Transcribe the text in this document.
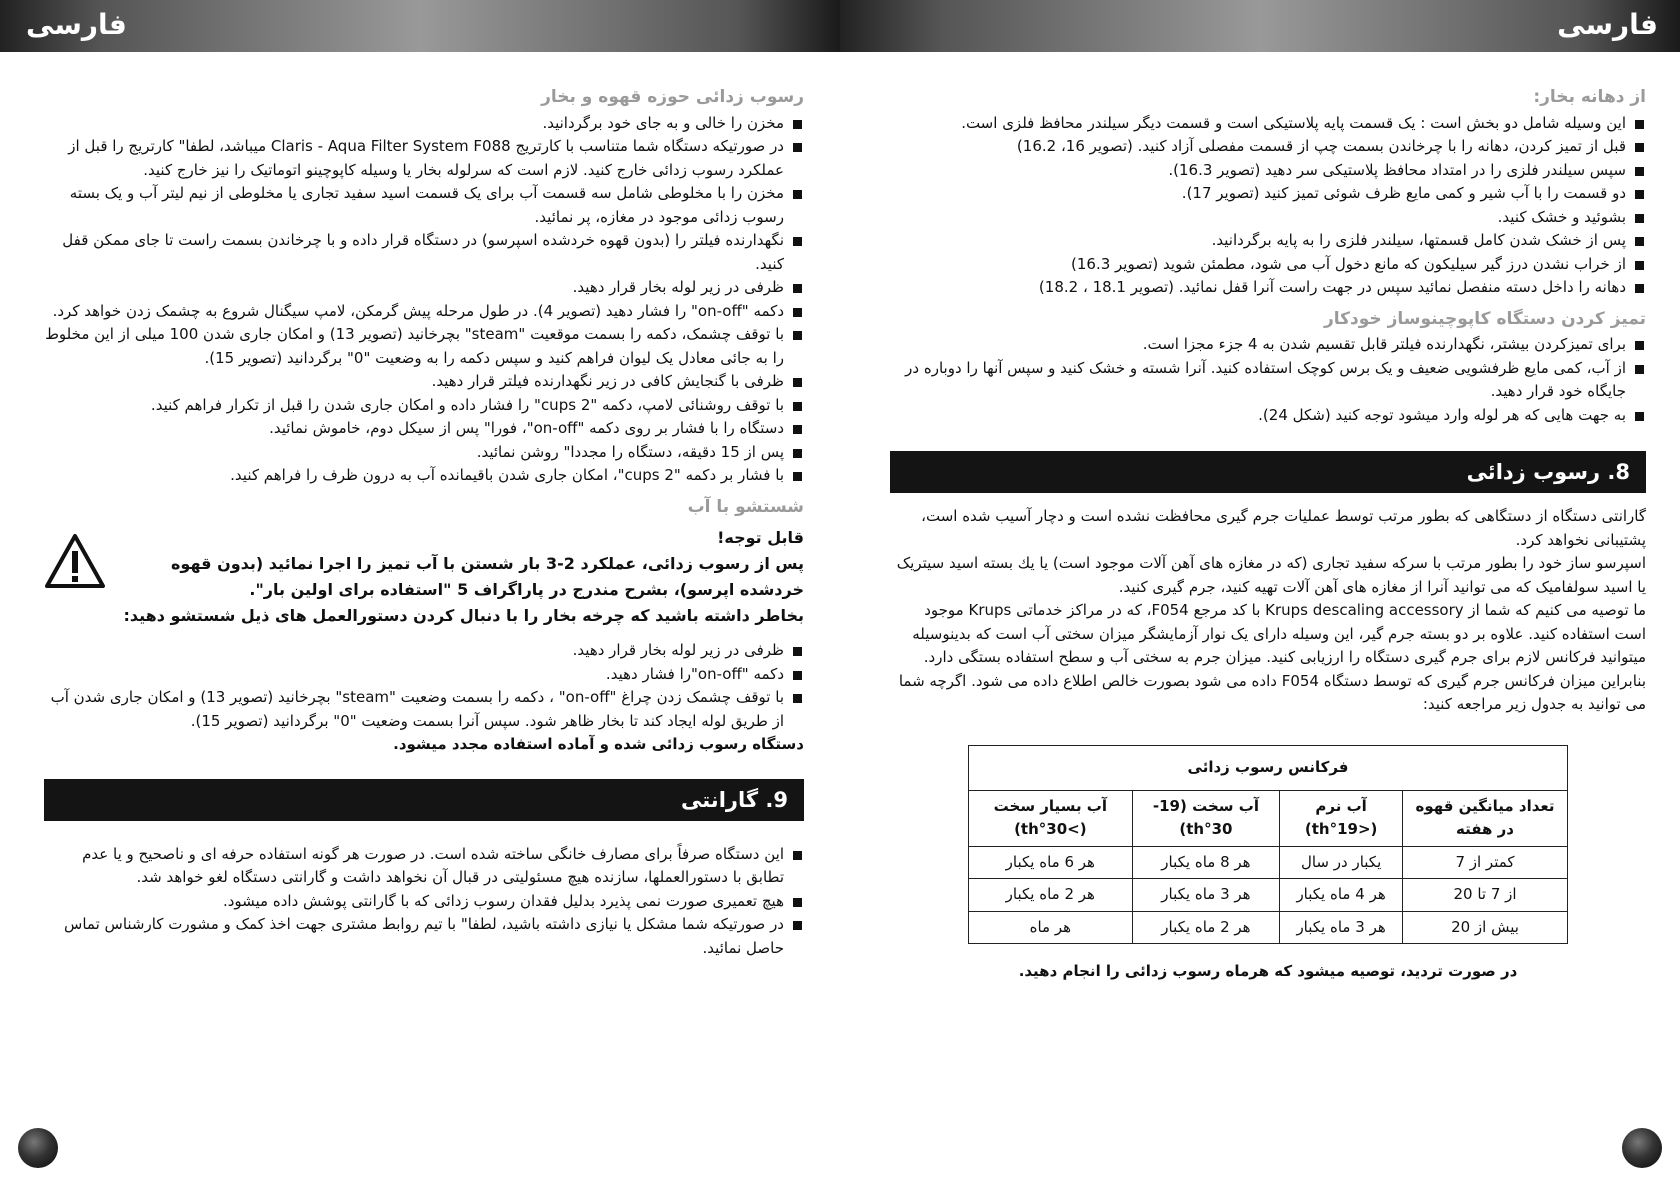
فارسی	فارسی
از دهانه بخار:
این وسیله شامل دو بخش است : یک قسمت پایه پلاستیکی است و قسمت دیگر سیلندر محافظ فلزی است.
قبل از تمیز کردن، دهانه را با چرخاندن بسمت چپ از قسمت مفصلی آزاد کنید. (تصویر 16، 16.2)
سپس سیلندر فلزی را در امتداد محافظ پلاستیکی سر دهید (تصویر 16.3).
دو قسمت را با آب شیر و کمی مایع ظرف شوئی تمیز کنید (تصویر 17).
بشوئید و خشک کنید.
پس از خشک شدن کامل قسمتها، سیلندر فلزی را به پایه برگردانید.
از خراب نشدن درز گیر سیلیکون که مانع دخول آب می شود، مطمئن شوید (تصویر 16.3)
دهانه را داخل دسته منفصل نمائید سپس در جهت راست آنرا قفل نمائید. (تصویر 18.1 ، 18.2)
تمیز کردن دستگاه کاپوچینوساز خودکار
برای تمیزکردن بیشتر، نگهدارنده فیلتر قابل تقسیم شدن به 4 جزء مجزا است.
از آب، کمی مایع ظرفشویی ضعیف و یک برس کوچک استفاده کنید. آنرا شسته و خشک کنید و سپس آنها را دوباره در جایگاه خود قرار دهید.
به جهت هایی که هر لوله وارد میشود توجه کنید (شکل 24).
8. رسوب زدائی

گارانتی دستگاه از دستگاهی که بطور مرتب توسط عملیات جرم گیری محافظت نشده است و دچار آسیب شده است، پشتیبانی نخواهد کرد.

اسپرسو ساز خود را بطور مرتب با سرکه سفید تجاری (که در مغازه های آهن آلات موجود است) یا یك بسته اسید سیتریک یا اسید سولفامیک که می توانید آنرا از مغازه های آهن آلات تهیه کنید، جرم گیری کنید.

ما توصیه می کنیم که شما از Krups descaling accessory با کد مرجع F054، که در مراکز خدماتی Krups موجود است استفاده کنید. علاوه بر دو بسته جرم گیر، این وسیله دارای یک نوار آزمایشگر میزان سختی آب است که بدینوسیله میتوانید فرکانس لازم برای جرم گیری دستگاه را ارزیابی کنید. میزان جرم به سختی آب و سطح استفاده بستگی دارد. بنابراین میزان فرکانس جرم گیری که توسط دستگاه F054 داده می شود بصورت خالص اطلاع داده می شود. اگرچه شما می توانید به جدول زیر مراجعه کنید:

فرکانس رسوب زدائی			
تعداد میانگین قهوه در هفته	آب نرم (<19°th)	آب سخت (19-30°th)	آب بسیار سخت (>30°th)
کمتر از 7	یکبار در سال	هر 8 ماه یکبار	هر 6 ماه یکبار
از 7 تا 20	هر 4 ماه یکبار	هر 3 ماه یکبار	هر 2 ماه یکبار
بیش از 20	هر 3 ماه یکبار	هر 2 ماه یکبار	هر ماه

در صورت تردید، توصیه میشود که هرماه رسوب زدائی را انجام دهید.

رسوب زدائی حوزه قهوه و بخار
مخزن را خالی و به جای خود برگردانید.
در صورتیکه دستگاه شما متناسب با کارتریج Claris - Aqua Filter System F088 میباشد، لطفا" کارتریج را قبل از عملکرد رسوب زدائی خارج کنید. لازم است که سرلوله بخار یا وسیله کاپوچینو اتوماتیک را نیز خارج کنید.
مخزن را با مخلوطی شامل سه قسمت آب برای یک قسمت اسید سفید تجاری یا مخلوطی از نیم لیتر آب و یک بسته رسوب زدائی موجود در مغازه، پر نمائید.
نگهدارنده فیلتر را (بدون قهوه خردشده اسپرسو) در دستگاه قرار داده و با چرخاندن بسمت راست تا جای ممکن قفل کنید.
ظرفی در زیر لوله بخار قرار دهید.
دکمه "on-off" را فشار دهید (تصویر 4). در طول مرحله پیش گرمکن، لامپ سیگنال شروع به چشمک زدن خواهد کرد.
با توقف چشمک، دکمه را بسمت موقعیت "steam" بچرخانید (تصویر 13) و امکان جاری شدن 100 میلی از این مخلوط را به جائی معادل یک لیوان فراهم کنید و سپس دکمه را به وضعیت "0" برگردانید (تصویر 15).
ظرفی با گنجایش کافی در زیر نگهدارنده فیلتر قرار دهید.
با توقف روشنائی لامپ، دکمه "2 cups" را فشار داده و امکان جاری شدن را قبل از تکرار فراهم کنید.
دستگاه را با فشار بر روی دکمه "on-off"، فورا" پس از سیکل دوم، خاموش نمائید.
پس از 15 دقیقه، دستگاه را مجددا" روشن نمائید.
با فشار بر دکمه "2 cups"، امکان جاری شدن باقیمانده آب به درون ظرف را فراهم کنید.
شستشو با آب
قابل توجه!
پس از رسوب زدائی، عملکرد 2-3 بار شستن با آب تمیز را اجرا نمائید (بدون قهوه خردشده اپرسو)، بشرح مندرج در پاراگراف 5 "استفاده برای اولین بار".
بخاطر داشته باشید که چرخه بخار را با دنبال کردن دستورالعمل های ذیل شستشو دهید:
ظرفی در زیر لوله بخار قرار دهید.
دکمه "on-off"را فشار دهید.
با توقف چشمک زدن چراغ "on-off" ، دکمه را بسمت وضعیت "steam" بچرخانید (تصویر 13) و امکان جاری شدن آب از طریق لوله ایجاد کند تا بخار ظاهر شود. سپس آنرا بسمت وضعیت "0" برگردانید (تصویر 15).

دستگاه رسوب زدائی شده و آماده استفاده مجدد میشود.

9. گارانتی
این دستگاه صرفاً برای مصارف خانگی ساخته شده است. در صورت هر گونه استفاده حرفه ای و ناصحیح و یا عدم تطابق با دستورالعملها، سازنده هیچ مسئولیتی در قبال آن نخواهد داشت و گارانتی دستگاه لغو خواهد شد.
هیچ تعمیری صورت نمی پذیرد بدلیل فقدان رسوب زدائی که با گارانتی پوشش داده میشود.
در صورتیکه شما مشکل یا نیازی داشته باشید، لطفا" با تیم روابط مشتری جهت اخذ کمک و مشورت کارشناس تماس حاصل نمائید.
